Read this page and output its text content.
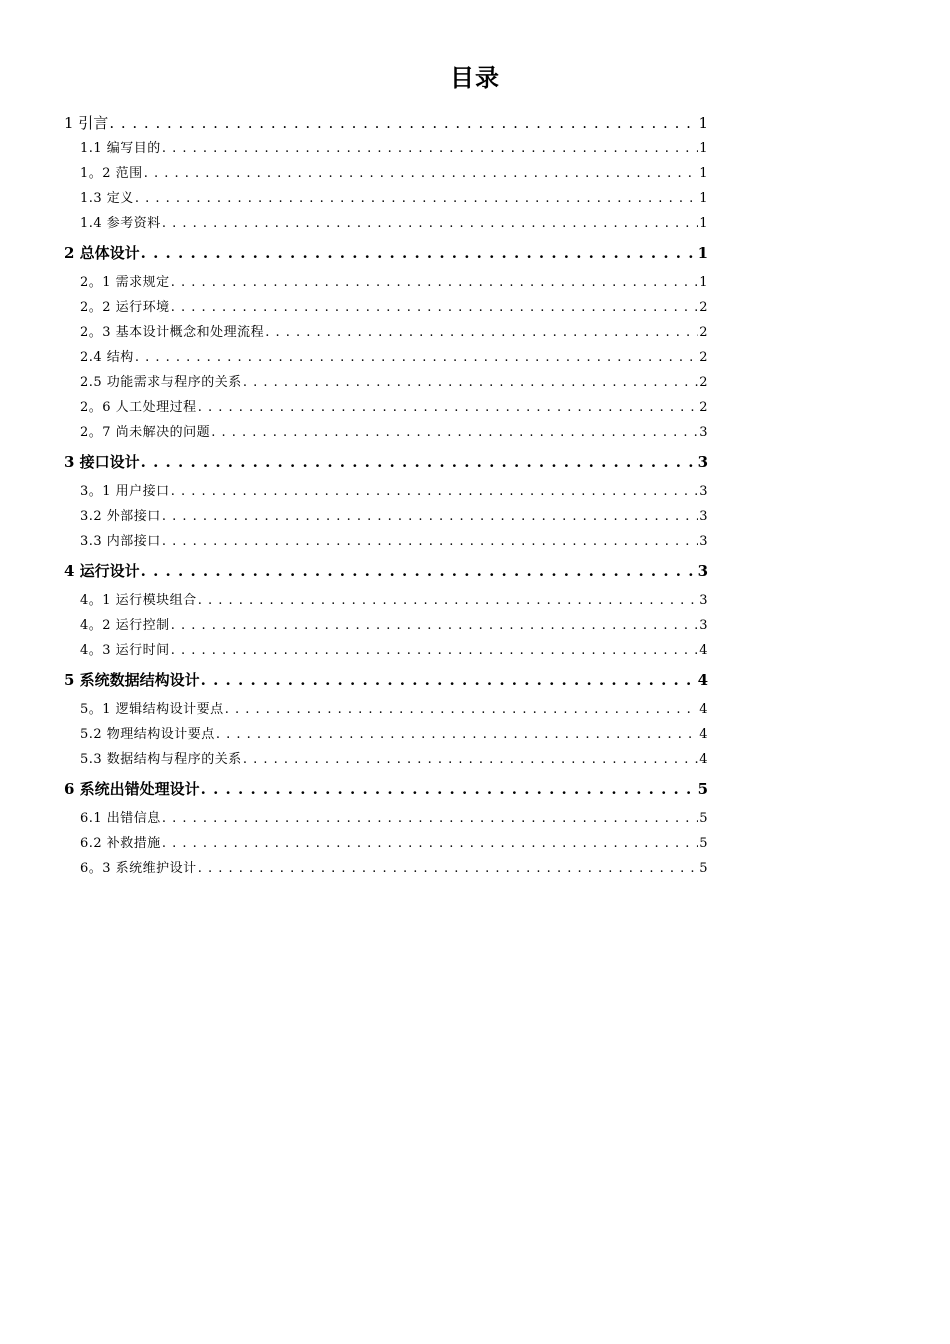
目录
1 引言 . . .	1
1.1 编写目的 . . .	1
1。2 范围 . . .	1
1.3 定义 . . .	1
1.4 参考资料 . . .	1
2 总体设计 . . .	1
2。1 需求规定 . . .	1
2。2 运行环境 . . .	2
2。3 基本设计概念和处理流程 . . .	2
2.4 结构 . . .	2
2.5 功能需求与程序的关系 . . .	2
2。6 人工处理过程 . . .	2
2。7 尚未解决的问题 . . .	3
3 接口设计 . . .	3
3。1 用户接口 . . .	3
3.2 外部接口 . . .	3
3.3 内部接口 . . .	3
4 运行设计 . . .	3
4。1 运行模块组合 . . .	3
4。2 运行控制 . . .	3
4。3 运行时间 . . .	4
5 系统数据结构设计 . . .	4
5。1 逻辑结构设计要点 . . .	4
5.2 物理结构设计要点 . . .	4
5.3 数据结构与程序的关系 . . .	4
6 系统出错处理设计 . . .	5
6.1 出错信息 . . .	5
6.2 补救措施 . . .	5
6。3 系统维护设计 . . .	5
